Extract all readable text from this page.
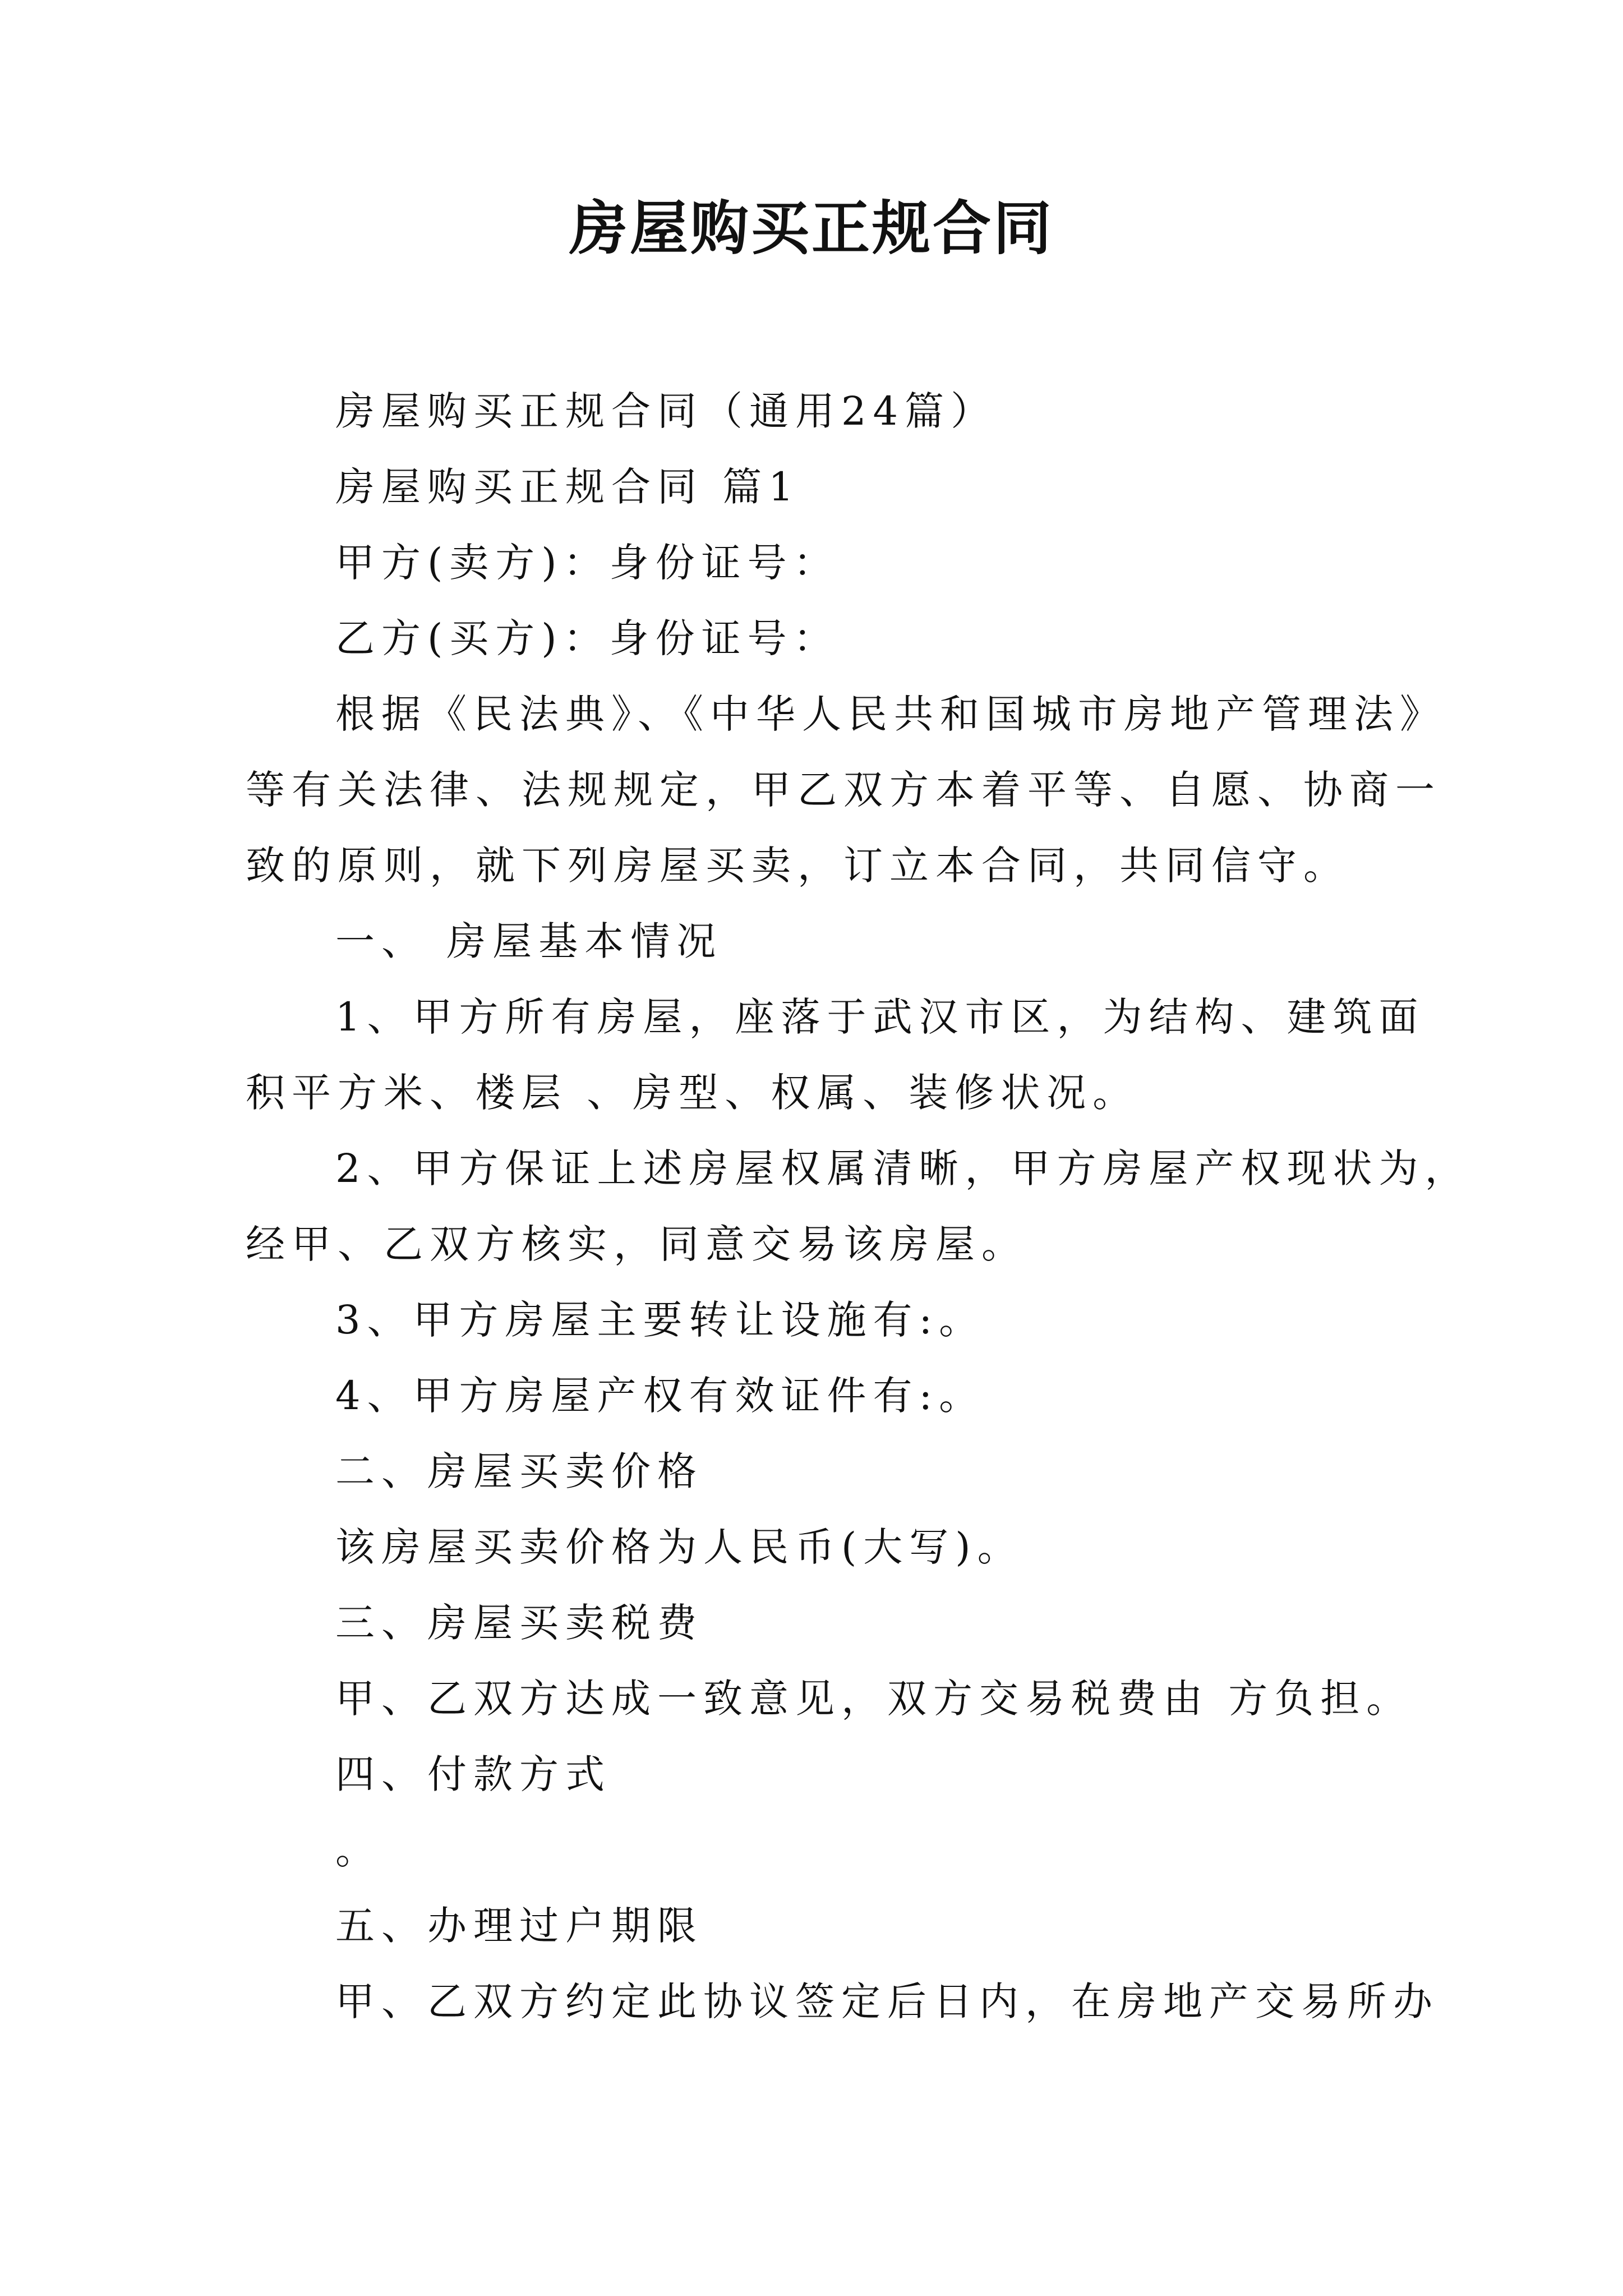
房屋购买正规合同
房屋购买正规合同（通用24篇）
房屋购买正规合同 篇1
甲方(卖方)：身份证号：
乙方(买方)：身份证号：
根据《民法典》、《中华人民共和国城市房地产管理法》
等有关法律、法规规定，甲乙双方本着平等、自愿、协商一
致的原则，就下列房屋买卖，订立本合同，共同信守。
一、 房屋基本情况
1、甲方所有房屋，座落于武汉市区，为结构、建筑面
积平方米、楼层 、房型、权属、装修状况。
2、甲方保证上述房屋权属清晰，甲方房屋产权现状为，
经甲、乙双方核实，同意交易该房屋。
3、甲方房屋主要转让设施有:。
4、甲方房屋产权有效证件有:。
二、房屋买卖价格
该房屋买卖价格为人民币(大写)。
三、房屋买卖税费
甲、乙双方达成一致意见，双方交易税费由 方负担。
四、付款方式
。
五、办理过户期限
甲、乙双方约定此协议签定后日内，在房地产交易所办
